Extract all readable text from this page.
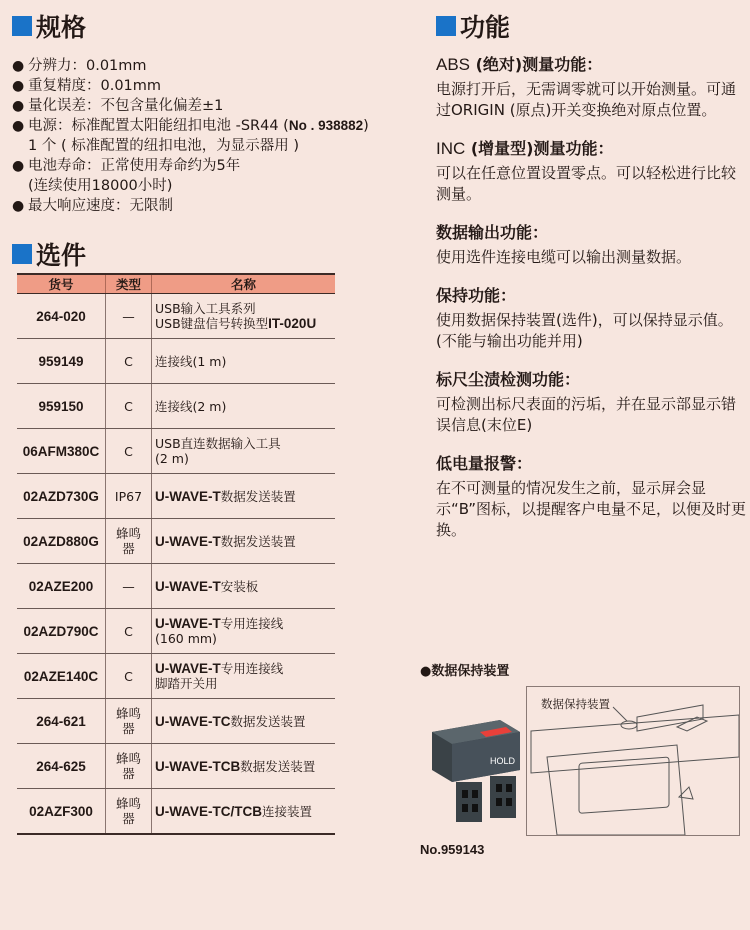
规格
● 分辨力：0.01mm
● 重复精度：0.01mm
● 量化误差：不包含量化偏差±1
● 电源：标准配置太阳能纽扣电池 -SR44 (No . 938882)
1 个 ( 标准配置的纽扣电池，为显示器用 )
● 电池寿命：正常使用寿命约为5年
(连续使用18000小时)
● 最大响应速度：无限制
选件
货号	类型	名称
264-020	—	USB输入工具系列
USB键盘信号转换型IT-020U
959149	C	连接线(1 m)
959150	C	连接线(2 m)
06AFM380C	C	USB直连数据输入工具
(2 m)
02AZD730G	IP67	U-WAVE-T数据发送装置
02AZD880G	蜂鸣器	U-WAVE-T数据发送装置
02AZE200	—	U-WAVE-T安装板
02AZD790C	C	U-WAVE-T专用连接线
(160 mm)
02AZE140C	C	U-WAVE-T专用连接线
脚踏开关用
264-621	蜂鸣器	U-WAVE-TC数据发送装置
264-625	蜂鸣器	U-WAVE-TCB数据发送装置
02AZF300	蜂鸣器	U-WAVE-TC/TCB连接装置
功能
ABS (绝对)测量功能：
电源打开后，无需调零就可以开始测量。可通过ORIGIN (原点)开关变换绝对原点位置。
INC (增量型)测量功能：
可以在任意位置设置零点。可以轻松进行比较测量。
数据输出功能：
使用选件连接电缆可以输出测量数据。
保持功能：
使用数据保持装置(选件)，可以保持显示值。
(不能与输出功能并用)
标尺尘渍检测功能：
可检测出标尺表面的污垢，并在显示部显示错误信息(末位E)
低电量报警：
在不可测量的情况发生之前，显示屏会显示“B”图标，以提醒客户电量不足，以便及时更换。
●数据保持装置
HOLD
数据保持装置
No.959143
